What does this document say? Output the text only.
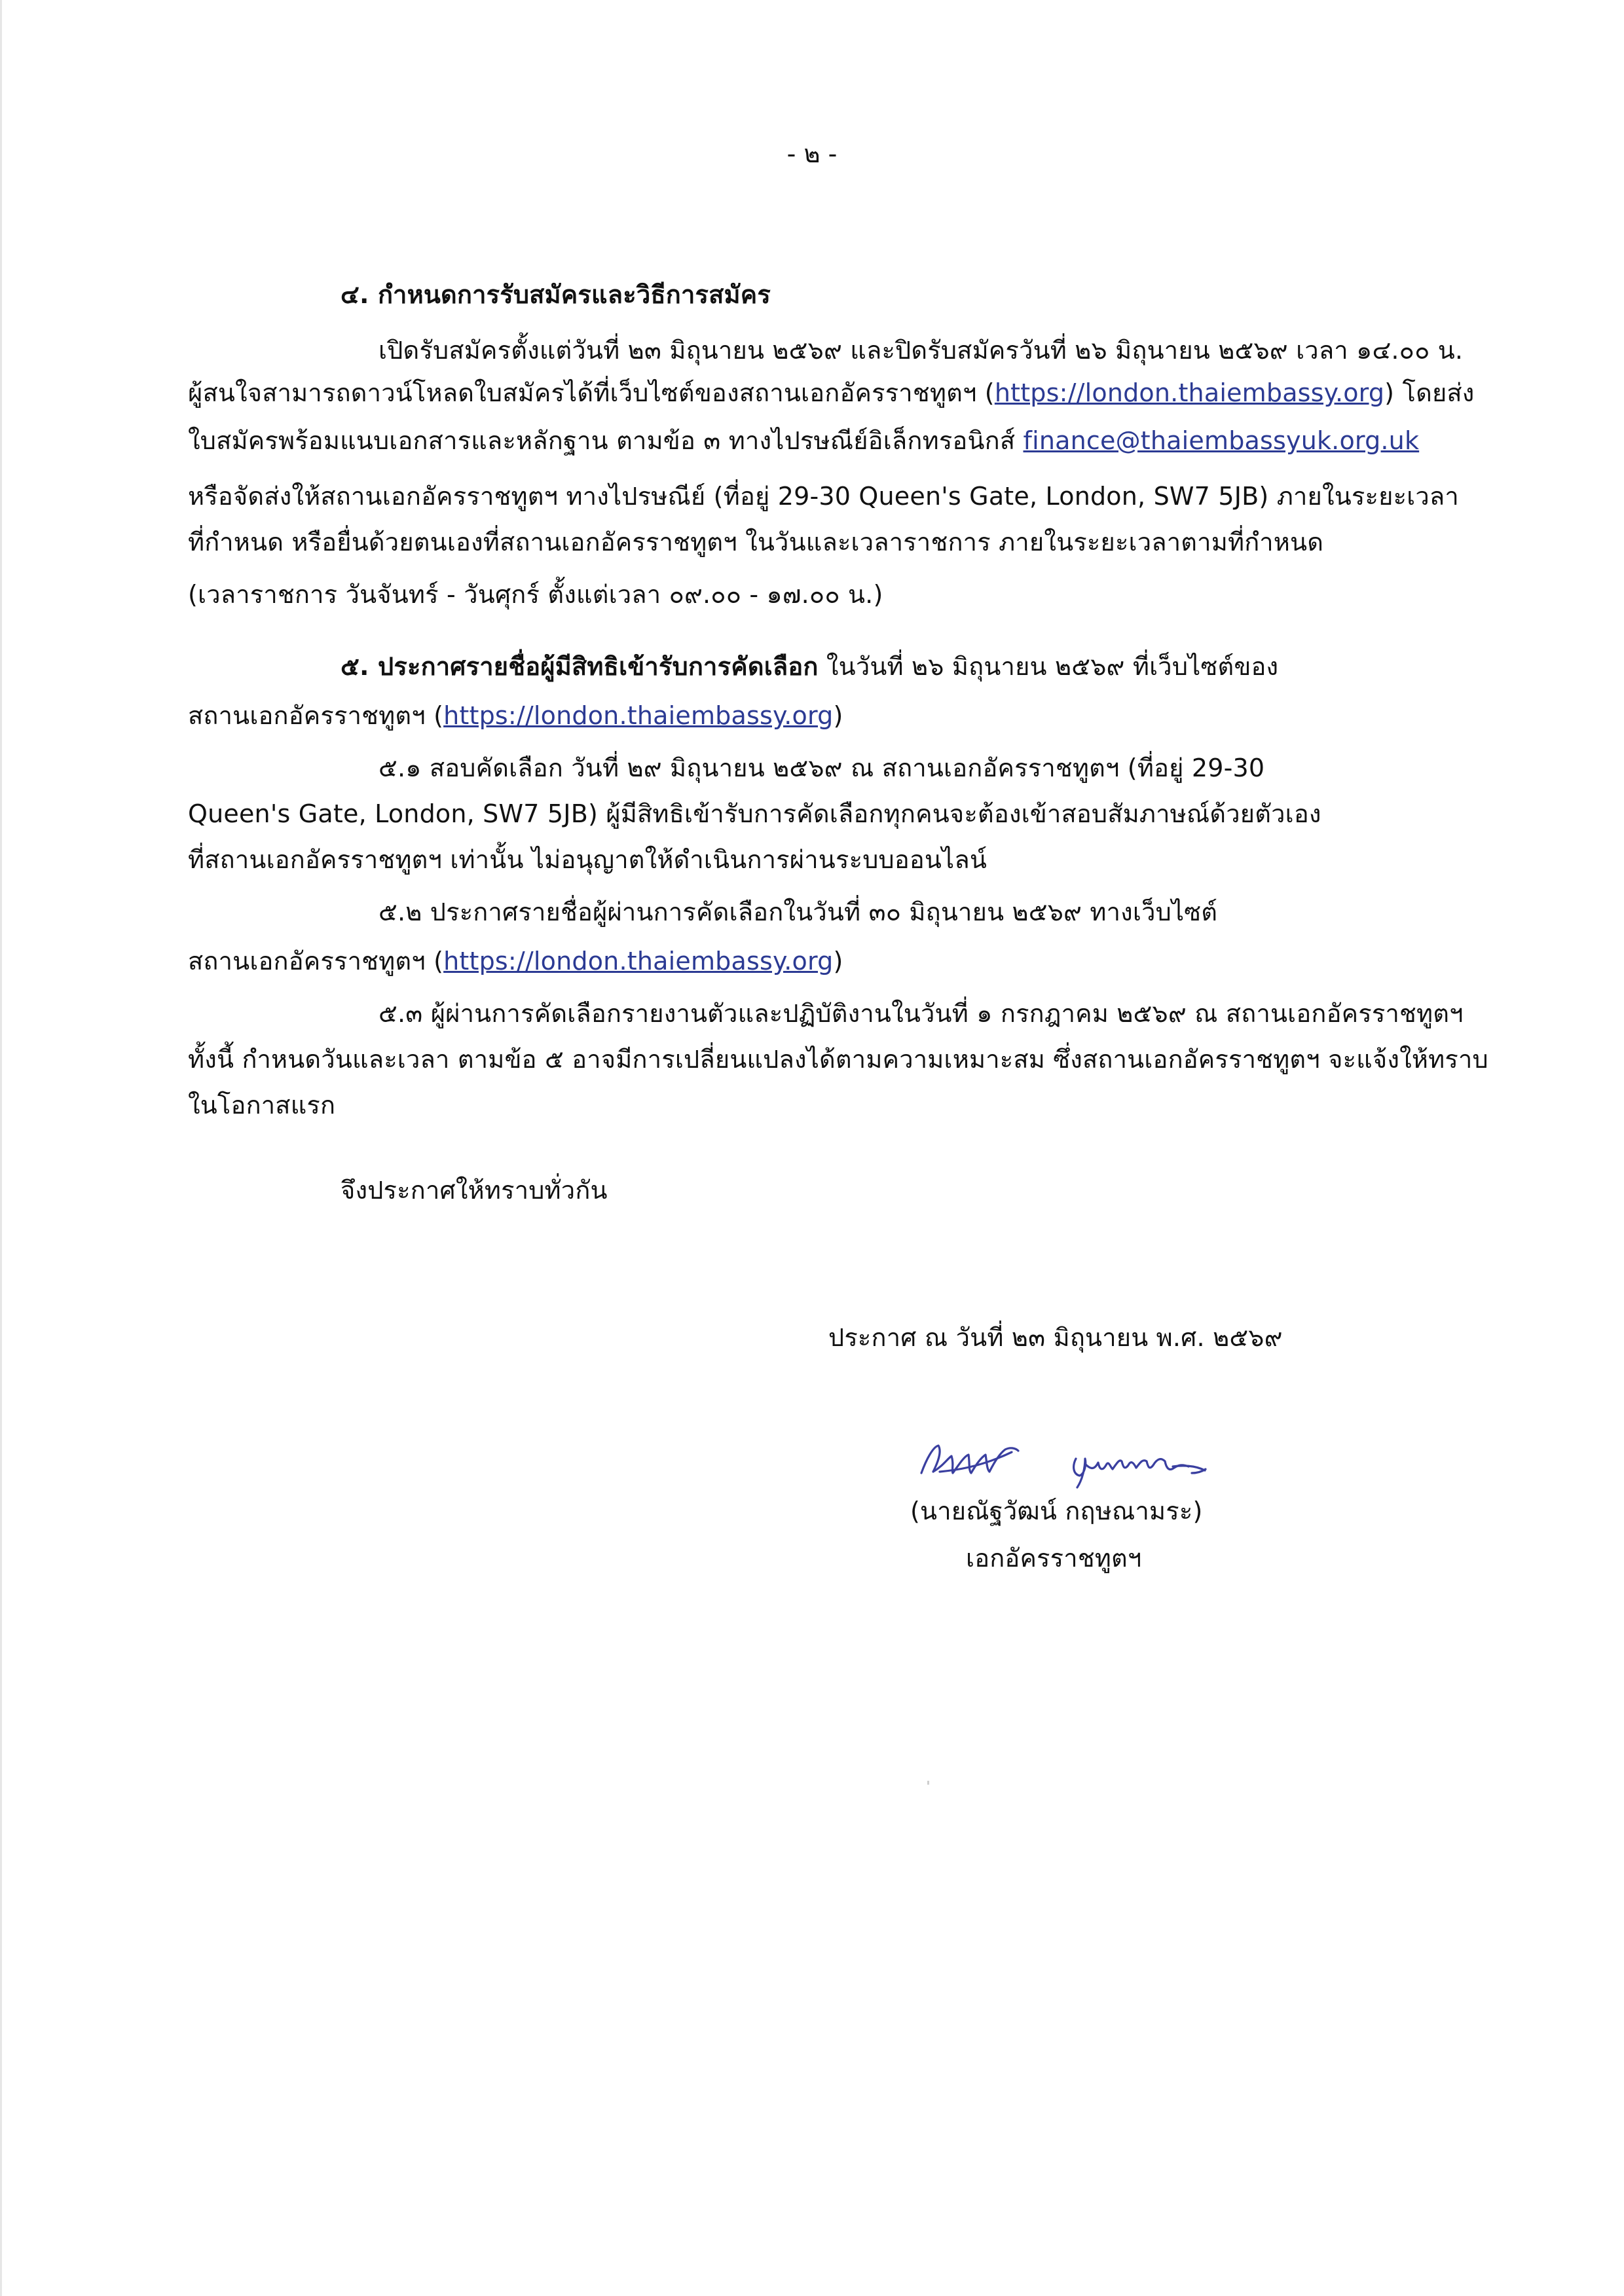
- ๒ -
๔. กำหนดการรับสมัครและวิธีการสมัคร
เปิดรับสมัครตั้งแต่วันที่ ๒๓ มิถุนายน ๒๕๖๙ และปิดรับสมัครวันที่ ๒๖ มิถุนายน ๒๕๖๙ เวลา ๑๔.๐๐ น.
ผู้สนใจสามารถดาวน์โหลดใบสมัครได้ที่เว็บไซต์ของสถานเอกอัครราชทูตฯ (https://london.thaiembassy.org) โดยส่ง
ใบสมัครพร้อมแนบเอกสารและหลักฐาน ตามข้อ ๓ ทางไปรษณีย์อิเล็กทรอนิกส์ finance@thaiembassyuk.org.uk
หรือจัดส่งให้สถานเอกอัครราชทูตฯ ทางไปรษณีย์ (ที่อยู่ 29-30 Queen's Gate, London, SW7 5JB) ภายในระยะเวลา
ที่กำหนด หรือยื่นด้วยตนเองที่สถานเอกอัครราชทูตฯ ในวันและเวลาราชการ ภายในระยะเวลาตามที่กำหนด
(เวลาราชการ วันจันทร์ - วันศุกร์ ตั้งแต่เวลา ๐๙.๐๐ - ๑๗.๐๐ น.)
๕. ประกาศรายชื่อผู้มีสิทธิเข้ารับการคัดเลือก ในวันที่ ๒๖ มิถุนายน ๒๕๖๙ ที่เว็บไซต์ของ
สถานเอกอัครราชทูตฯ (https://london.thaiembassy.org)
๕.๑ สอบคัดเลือก วันที่ ๒๙ มิถุนายน ๒๕๖๙ ณ สถานเอกอัครราชทูตฯ (ที่อยู่ 29-30
Queen's Gate, London, SW7 5JB) ผู้มีสิทธิเข้ารับการคัดเลือกทุกคนจะต้องเข้าสอบสัมภาษณ์ด้วยตัวเอง
ที่สถานเอกอัครราชทูตฯ เท่านั้น ไม่อนุญาตให้ดำเนินการผ่านระบบออนไลน์
๕.๒ ประกาศรายชื่อผู้ผ่านการคัดเลือกในวันที่ ๓๐ มิถุนายน ๒๕๖๙ ทางเว็บไซต์
สถานเอกอัครราชทูตฯ (https://london.thaiembassy.org)
๕.๓ ผู้ผ่านการคัดเลือกรายงานตัวและปฏิบัติงานในวันที่ ๑ กรกฎาคม ๒๕๖๙ ณ สถานเอกอัครราชทูตฯ
ทั้งนี้ กำหนดวันและเวลา ตามข้อ ๕ อาจมีการเปลี่ยนแปลงได้ตามความเหมาะสม ซึ่งสถานเอกอัครราชทูตฯ จะแจ้งให้ทราบ
ในโอกาสแรก
จึงประกาศให้ทราบทั่วกัน
ประกาศ ณ วันที่ ๒๓ มิถุนายน พ.ศ. ๒๕๖๙
(นายณัฐวัฒน์ กฤษณามระ)
เอกอัครราชทูตฯ
